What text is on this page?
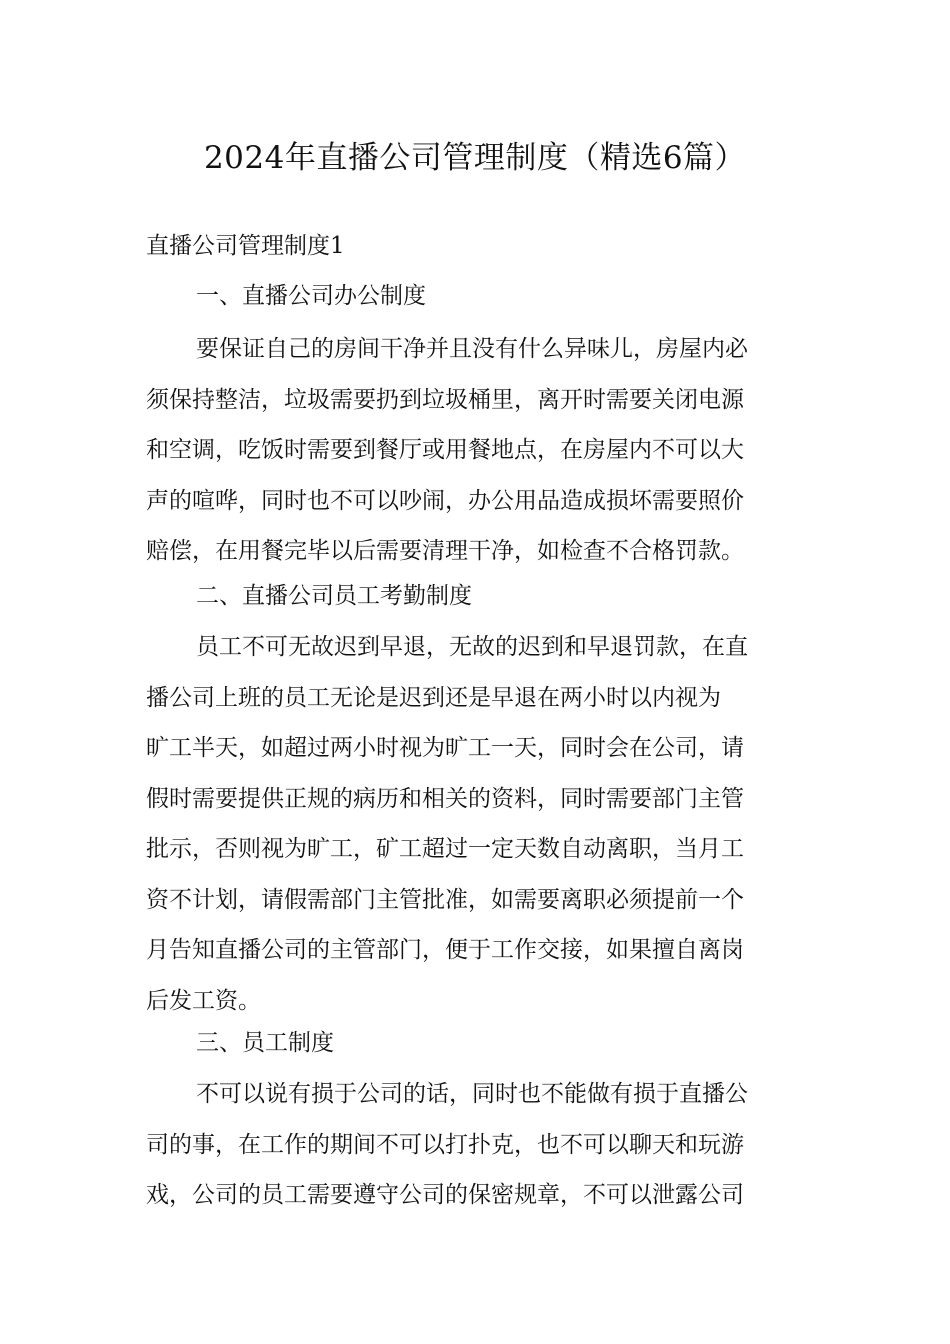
2024年直播公司管理制度（精选6篇）
直播公司管理制度1
一、直播公司办公制度

要保证自己的房间干净并且没有什么异味儿，房屋内必
须保持整洁，垃圾需要扔到垃圾桶里，离开时需要关闭电源
和空调，吃饭时需要到餐厅或用餐地点，在房屋内不可以大
声的喧哗，同时也不可以吵闹，办公用品造成损坏需要照价
赔偿，在用餐完毕以后需要清理干净，如检查不合格罚款。

二、直播公司员工考勤制度

员工不可无故迟到早退，无故的迟到和早退罚款，在直
播公司上班的员工无论是迟到还是早退在两小时以内视为
旷工半天，如超过两小时视为旷工一天，同时会在公司，请
假时需要提供正规的病历和相关的资料，同时需要部门主管
批示，否则视为旷工，矿工超过一定天数自动离职，当月工
资不计划，请假需部门主管批准，如需要离职必须提前一个
月告知直播公司的主管部门，便于工作交接，如果擅自离岗
后发工资。

三、员工制度

不可以说有损于公司的话，同时也不能做有损于直播公
司的事，在工作的期间不可以打扑克，也不可以聊天和玩游
戏，公司的员工需要遵守公司的保密规章，不可以泄露公司
